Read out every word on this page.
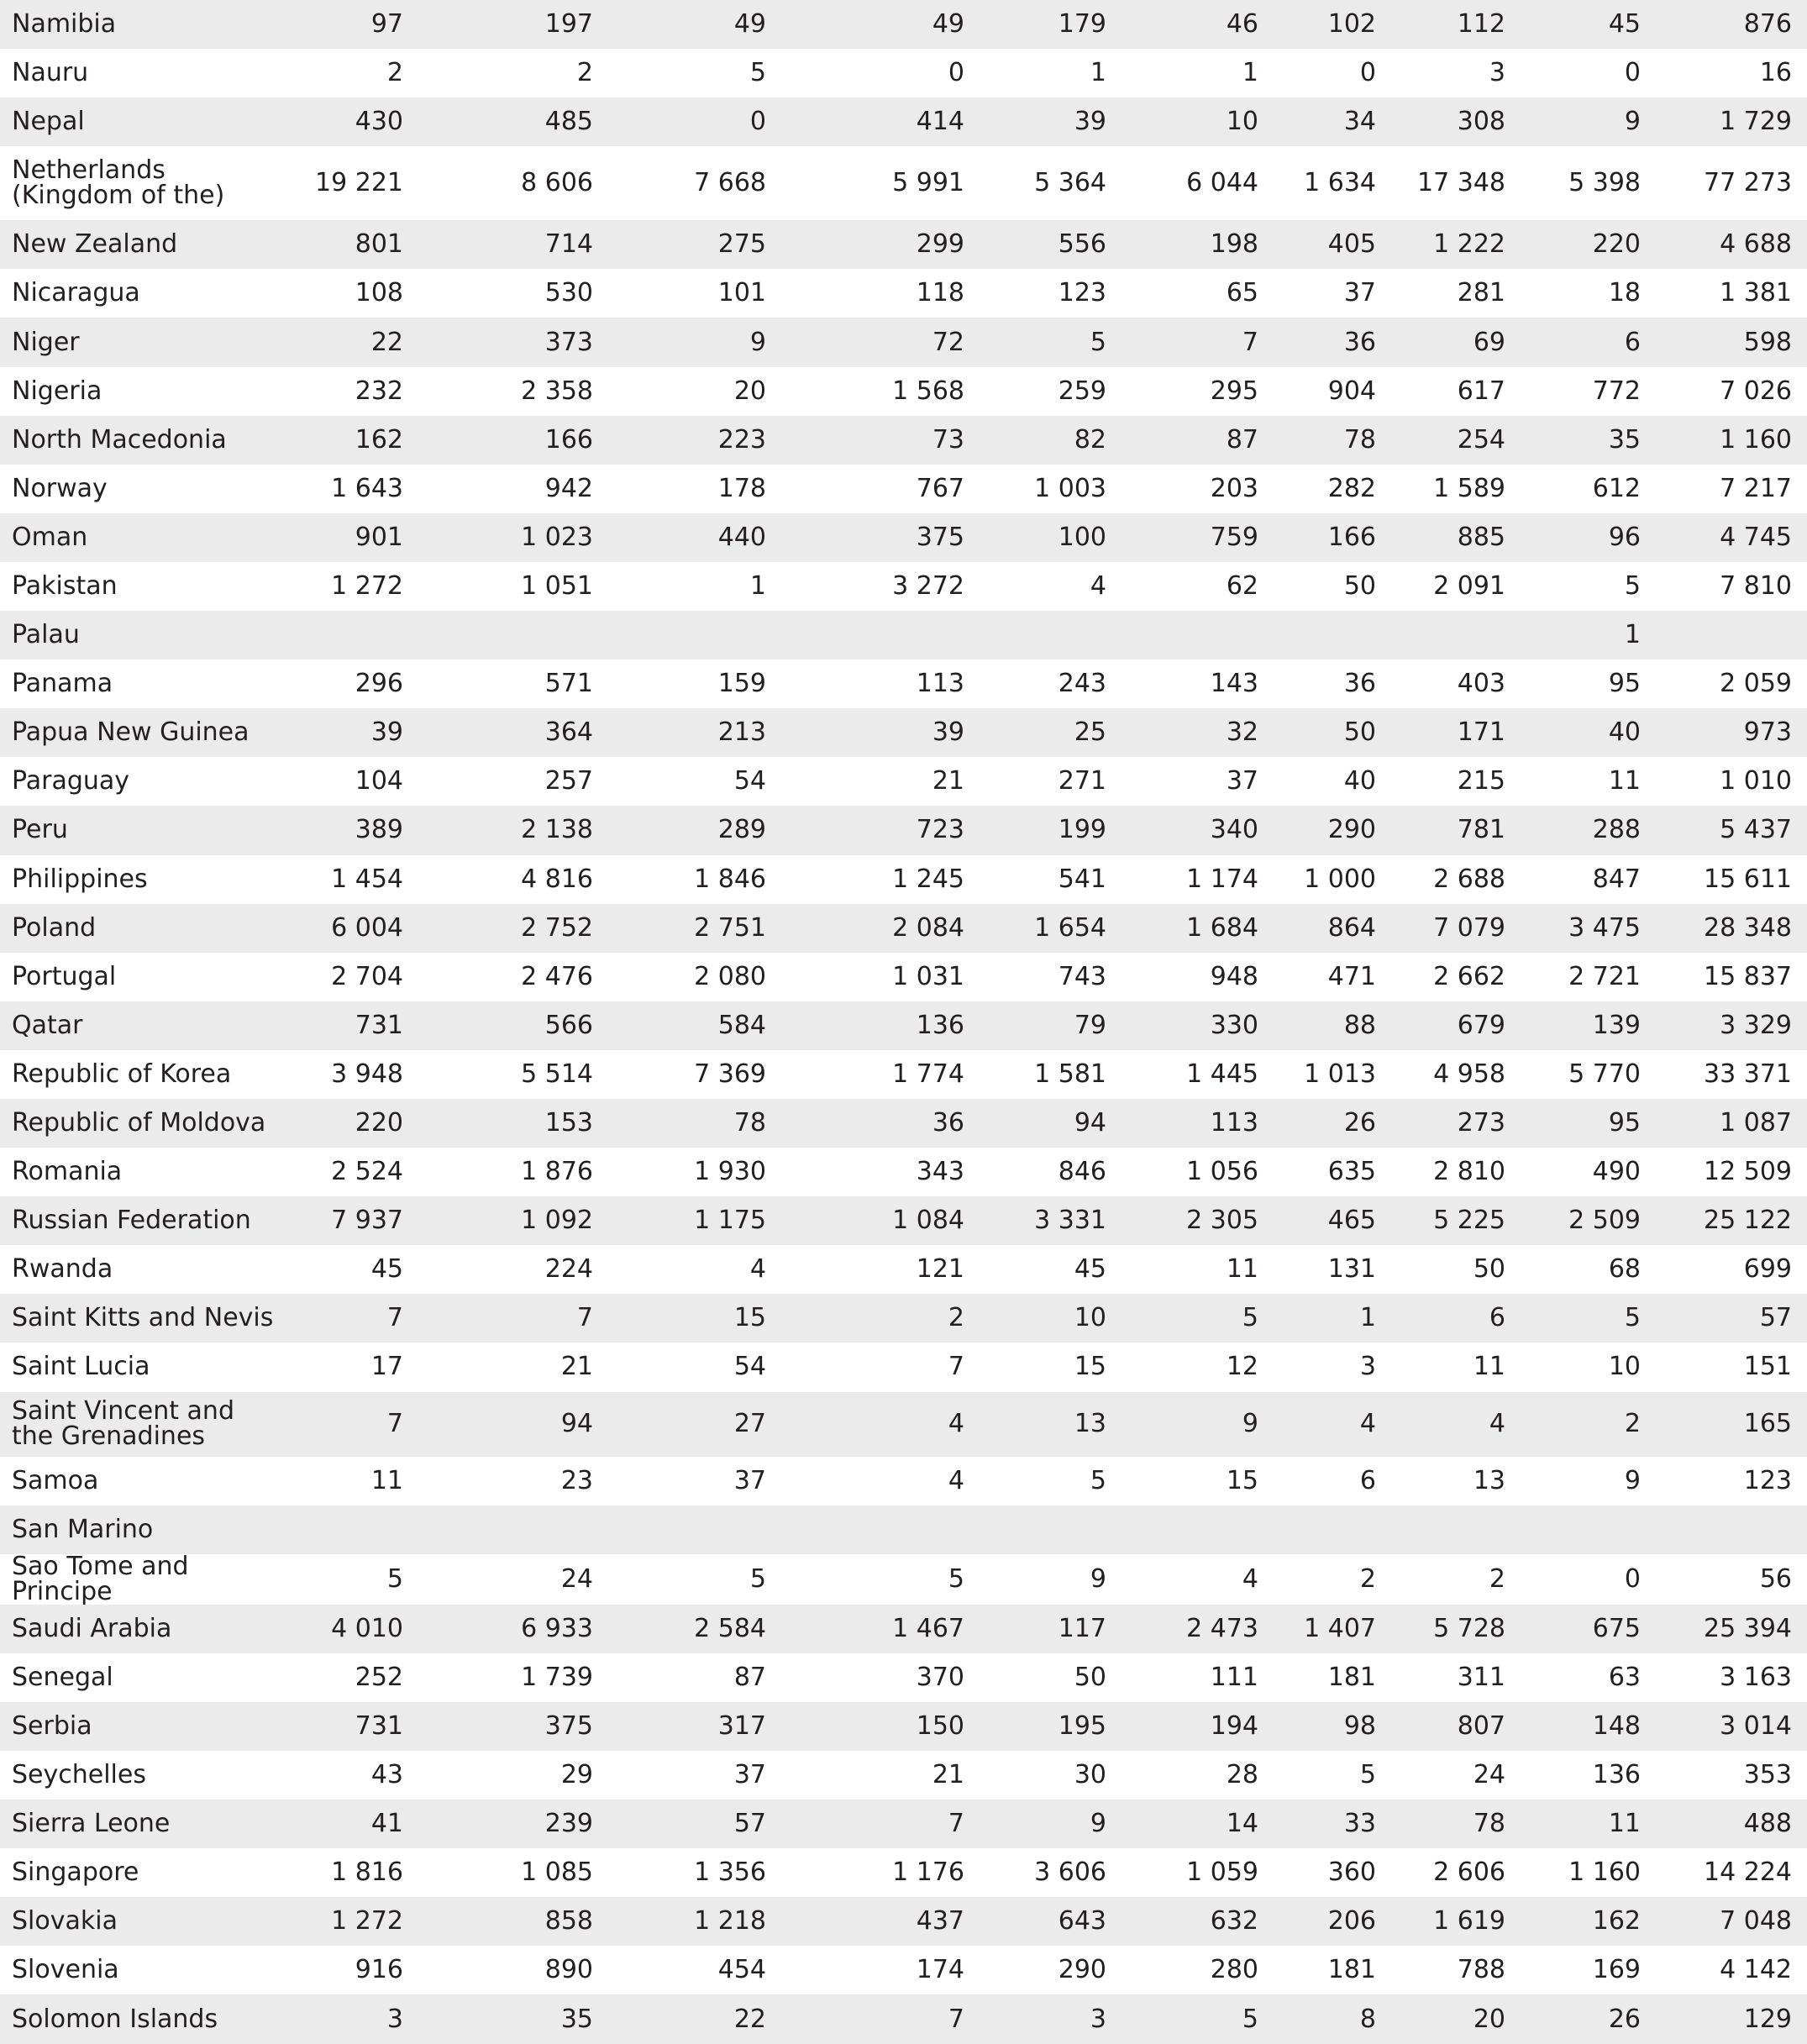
Namibia	97	197	49	49	179	46	102	112	45	876
Nauru	2	2	5	0	1	1	0	3	0	16
Nepal	430	485	0	414	39	10	34	308	9	1 729
Netherlands (Kingdom of the)	19 221	8 606	7 668	5 991	5 364	6 044	1 634	17 348	5 398	77 273
New Zealand	801	714	275	299	556	198	405	1 222	220	4 688
Nicaragua	108	530	101	118	123	65	37	281	18	1 381
Niger	22	373	9	72	5	7	36	69	6	598
Nigeria	232	2 358	20	1 568	259	295	904	617	772	7 026
North Macedonia	162	166	223	73	82	87	78	254	35	1 160
Norway	1 643	942	178	767	1 003	203	282	1 589	612	7 217
Oman	901	1 023	440	375	100	759	166	885	96	4 745
Pakistan	1 272	1 051	1	3 272	4	62	50	2 091	5	7 810
Palau									1	
Panama	296	571	159	113	243	143	36	403	95	2 059
Papua New Guinea	39	364	213	39	25	32	50	171	40	973
Paraguay	104	257	54	21	271	37	40	215	11	1 010
Peru	389	2 138	289	723	199	340	290	781	288	5 437
Philippines	1 454	4 816	1 846	1 245	541	1 174	1 000	2 688	847	15 611
Poland	6 004	2 752	2 751	2 084	1 654	1 684	864	7 079	3 475	28 348
Portugal	2 704	2 476	2 080	1 031	743	948	471	2 662	2 721	15 837
Qatar	731	566	584	136	79	330	88	679	139	3 329
Republic of Korea	3 948	5 514	7 369	1 774	1 581	1 445	1 013	4 958	5 770	33 371
Republic of Moldova	220	153	78	36	94	113	26	273	95	1 087
Romania	2 524	1 876	1 930	343	846	1 056	635	2 810	490	12 509
Russian Federation	7 937	1 092	1 175	1 084	3 331	2 305	465	5 225	2 509	25 122
Rwanda	45	224	4	121	45	11	131	50	68	699
Saint Kitts and Nevis	7	7	15	2	10	5	1	6	5	57
Saint Lucia	17	21	54	7	15	12	3	11	10	151
Saint Vincent and the Grenadines	7	94	27	4	13	9	4	4	2	165
Samoa	11	23	37	4	5	15	6	13	9	123
San Marino										
Sao Tome and Principe	5	24	5	5	9	4	2	2	0	56
Saudi Arabia	4 010	6 933	2 584	1 467	117	2 473	1 407	5 728	675	25 394
Senegal	252	1 739	87	370	50	111	181	311	63	3 163
Serbia	731	375	317	150	195	194	98	807	148	3 014
Seychelles	43	29	37	21	30	28	5	24	136	353
Sierra Leone	41	239	57	7	9	14	33	78	11	488
Singapore	1 816	1 085	1 356	1 176	3 606	1 059	360	2 606	1 160	14 224
Slovakia	1 272	858	1 218	437	643	632	206	1 619	162	7 048
Slovenia	916	890	454	174	290	280	181	788	169	4 142
Solomon Islands	3	35	22	7	3	5	8	20	26	129
